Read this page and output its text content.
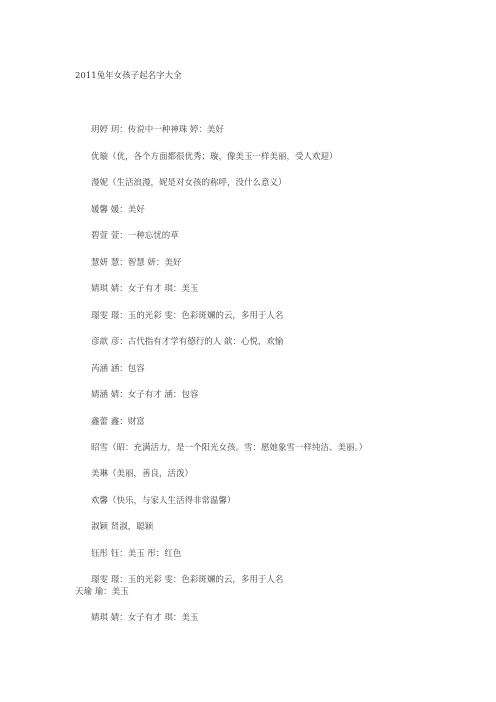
2011兔年女孩子起名字大全
玥婷 玥：传说中一种神珠 婷：美好
优璇（优，各个方面都很优秀；璇，像美玉一样美丽，受人欢迎）
漫妮（生活浪漫，妮是对女孩的称呼，没什么意义）
媛馨 媛：美好
碧萱 萱：一种忘忧的草
慧妍 慧：智慧 妍：美好
婧琪 婧：女子有才 琪：美玉
璟雯 璟：玉的光彩 雯：色彩斑斓的云，多用于人名
彦歆 彦：古代指有才学有德行的人 歆：心悦，欢愉
芮涵 涵：包容
婧涵 婧：女子有才 涵：包容
鑫蕾 鑫：财富
昭雪（昭：充满活力，是一个阳光女孩。雪：愿她象雪一样纯洁、美丽。）
美琳（美丽，善良，活泼）
欢馨（快乐，与家人生活得非常温馨）
淑颖 贤淑，聪颖
钰彤 钰：美玉 彤：红色
璟雯 璟：玉的光彩 雯：色彩斑斓的云，多用于人名
天瑜 瑜：美玉
婧琪 婧：女子有才 琪：美玉
